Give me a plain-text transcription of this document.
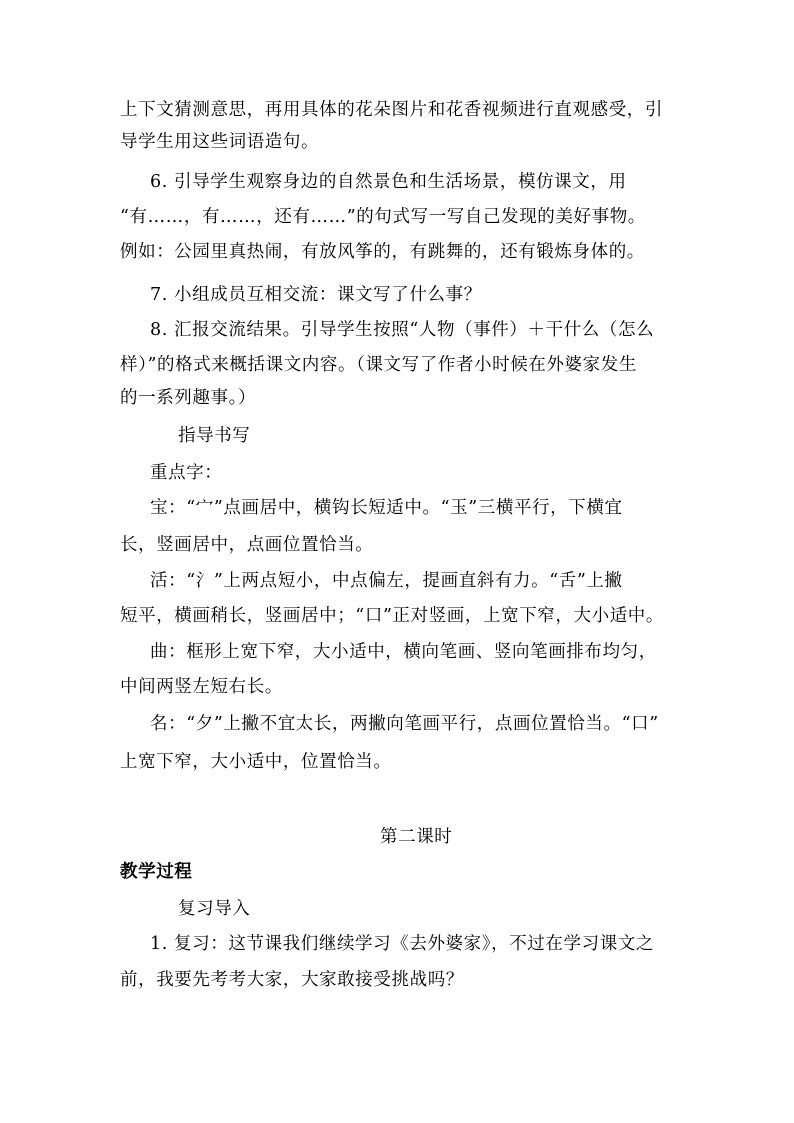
上下文猜测意思，再用具体的花朵图片和花香视频进行直观感受，引
导学生用这些词语造句。
6. 引导学生观察身边的自然景色和生活场景，模仿课文，用
“有……，有……，还有……”的句式写一写自己发现的美好事物。
例如：公园里真热闹，有放风筝的，有跳舞的，还有锻炼身体的。
7. 小组成员互相交流：课文写了什么事？
8. 汇报交流结果。引导学生按照“人物（事件）＋干什么（怎么
样）”的格式来概括课文内容。（课文写了作者小时候在外婆家发生
的一系列趣事。）
指导书写
重点字：
宝：“宀”点画居中，横钩长短适中。“玉”三横平行，下横宜
长，竖画居中，点画位置恰当。
活：“氵”上两点短小，中点偏左，提画直斜有力。“舌”上撇
短平，横画稍长，竖画居中；“口”正对竖画，上宽下窄，大小适中。
曲：框形上宽下窄，大小适中，横向笔画、竖向笔画排布均匀，
中间两竖左短右长。
名：“夕”上撇不宜太长，两撇向笔画平行，点画位置恰当。“口”
上宽下窄，大小适中，位置恰当。
第二课时
教学过程
复习导入
1. 复习：这节课我们继续学习《去外婆家》，不过在学习课文之
前，我要先考考大家，大家敢接受挑战吗？
